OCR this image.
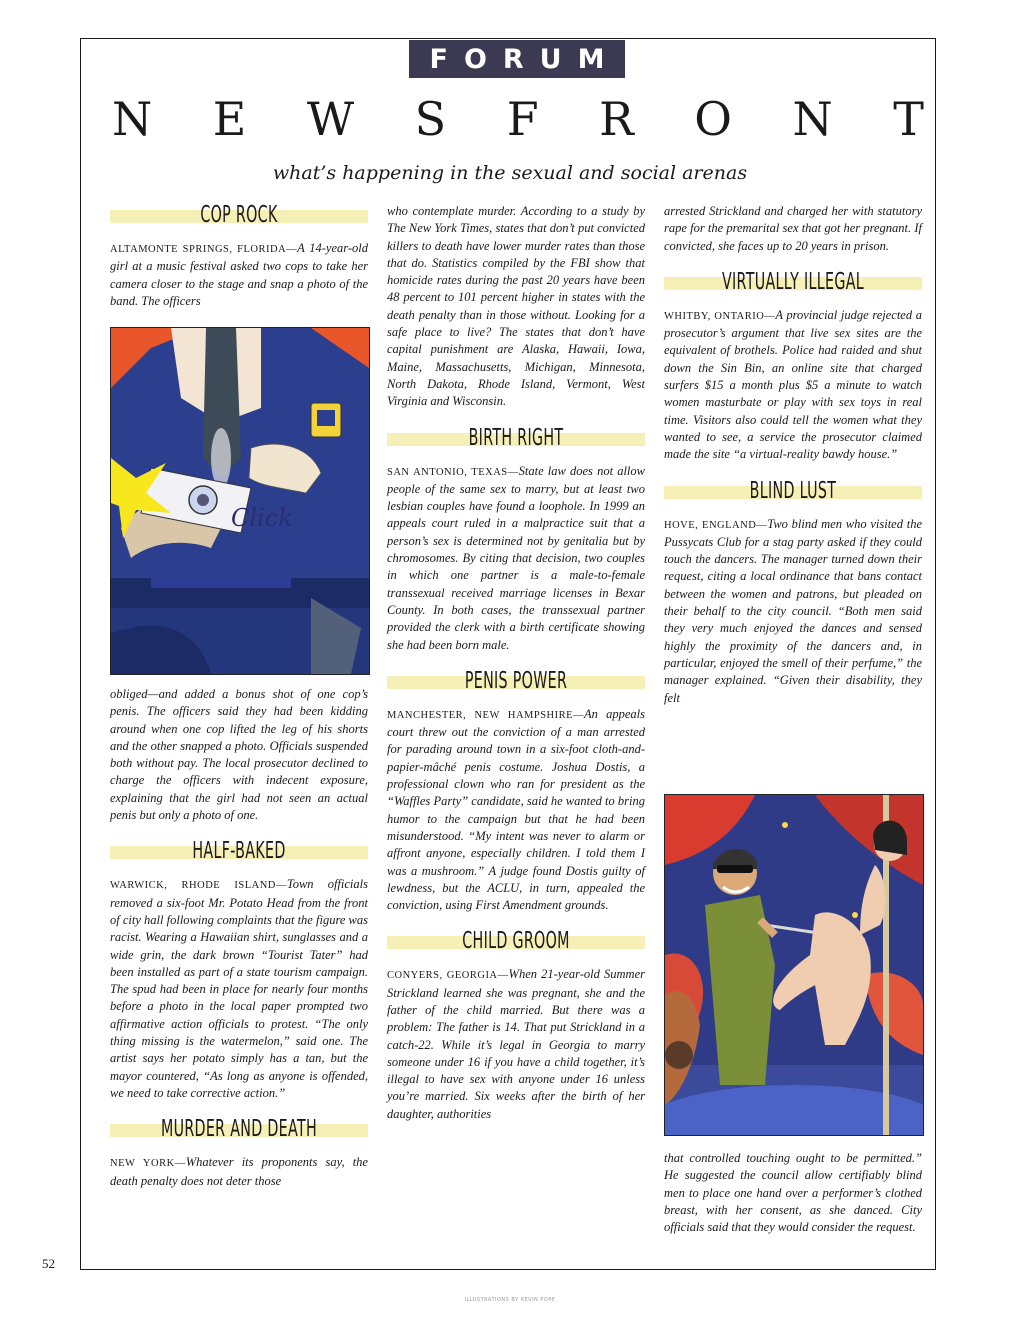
FORUM
N E W S F R O N T
what’s happening in the sexual and social arenas
COP ROCK

ALTAMONTE SPRINGS, FLORIDA—A 14-year-old girl at a music festival asked two cops to take her camera closer to the stage and snap a photo of the band. The officers

Click

obliged—and added a bonus shot of one cop’s penis. The officers said they had been kidding around when one cop lifted the leg of his shorts and the other snapped a photo. Officials suspended both without pay. The local prosecutor declined to charge the officers with indecent exposure, explaining that the girl had not seen an actual penis but only a photo of one.

HALF-BAKED

WARWICK, RHODE ISLAND—Town officials removed a six-foot Mr. Potato Head from the front of city hall following complaints that the figure was racist. Wearing a Hawaiian shirt, sunglasses and a wide grin, the dark brown “Tourist Tater” had been installed as part of a state tourism campaign. The spud had been in place for nearly four months before a photo in the local paper prompted two affirmative action officials to protest. “The only thing missing is the watermelon,” said one. The artist says her potato simply has a tan, but the mayor countered, “As long as anyone is offended, we need to take corrective action.”

MURDER AND DEATH

NEW YORK—Whatever its proponents say, the death penalty does not deter those

who contemplate murder. According to a study by The New York Times, states that don’t put convicted killers to death have lower murder rates than those that do. Statistics compiled by the FBI show that homicide rates during the past 20 years have been 48 percent to 101 percent higher in states with the death penalty than in those without. Looking for a safe place to live? The states that don’t have capital punishment are Alaska, Hawaii, Iowa, Maine, Massachusetts, Michigan, Minnesota, North Dakota, Rhode Island, Vermont, West Virginia and Wisconsin.

BIRTH RIGHT

SAN ANTONIO, TEXAS—State law does not allow people of the same sex to marry, but at least two lesbian couples have found a loophole. In 1999 an appeals court ruled in a malpractice suit that a person’s sex is determined not by genitalia but by chromosomes. By citing that decision, two couples in which one partner is a male-to-female transsexual received marriage licenses in Bexar County. In both cases, the transsexual partner provided the clerk with a birth certificate showing she had been born male.

PENIS POWER

MANCHESTER, NEW HAMPSHIRE—An appeals court threw out the conviction of a man arrested for parading around town in a six-foot cloth-and-papier-mâché penis costume. Joshua Dostis, a professional clown who ran for president as the “Waffles Party” candidate, said he wanted to bring humor to the campaign but that he had been misunderstood. “My intent was never to alarm or affront anyone, especially children. I told them I was a mushroom.” A judge found Dostis guilty of lewdness, but the ACLU, in turn, appealed the conviction, using First Amendment grounds.

CHILD GROOM

CONYERS, GEORGIA—When 21-year-old Summer Strickland learned she was pregnant, she and the father of the child married. But there was a problem: The father is 14. That put Strickland in a catch-22. While it’s legal in Georgia to marry someone under 16 if you have a child together, it’s illegal to have sex with anyone under 16 unless you’re married. Six weeks after the birth of her daughter, authorities

arrested Strickland and charged her with statutory rape for the premarital sex that got her pregnant. If convicted, she faces up to 20 years in prison.

VIRTUALLY ILLEGAL

WHITBY, ONTARIO—A provincial judge rejected a prosecutor’s argument that live sex sites are the equivalent of brothels. Police had raided and shut down the Sin Bin, an online site that charged surfers $15 a month plus $5 a minute to watch women masturbate or play with sex toys in real time. Visitors also could tell the women what they wanted to see, a service the prosecutor claimed made the site “a virtual-reality bawdy house.”

BLIND LUST

HOVE, ENGLAND—Two blind men who visited the Pussycats Club for a stag party asked if they could touch the dancers. The manager turned down their request, citing a local ordinance that bans contact between the women and patrons, but pleaded on their behalf to the city council. “Both men said they very much enjoyed the dances and sensed highly the proximity of the dancers and, in particular, enjoyed the smell of their perfume,” the manager explained. “Given their disability, they felt

that controlled touching ought to be permitted.” He suggested the council allow certifiably blind men to place one hand over a performer’s clothed breast, with her consent, as she danced. City officials said that they would consider the request.

52
ILLUSTRATIONS BY KEVIN POPE
